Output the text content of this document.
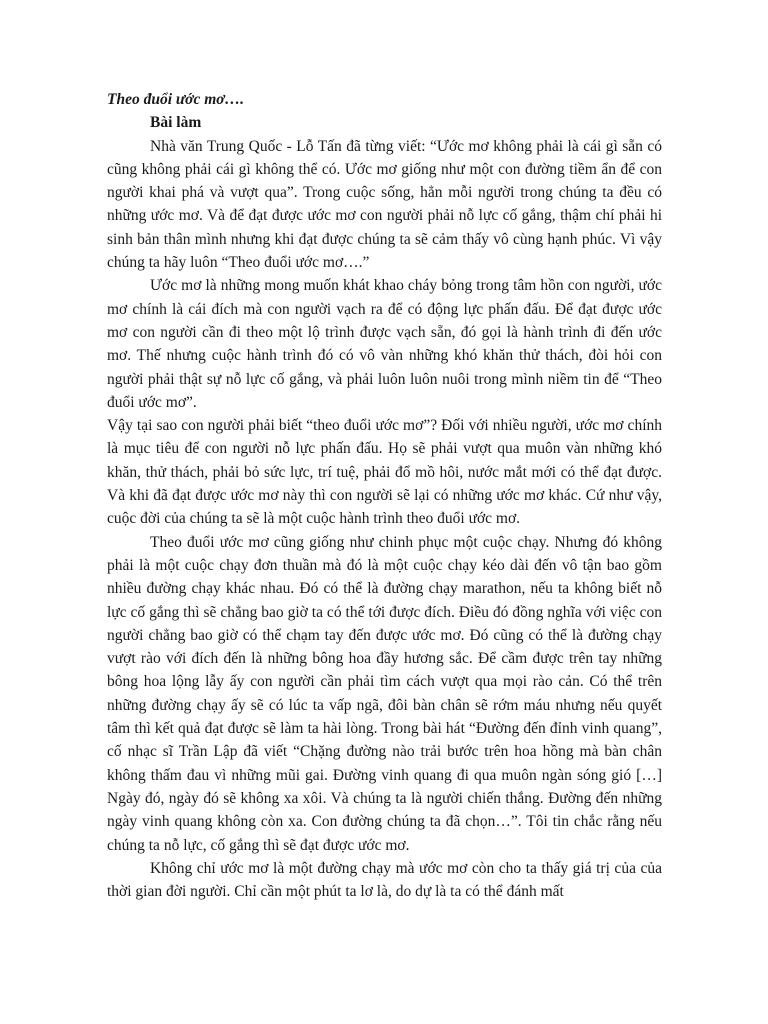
Theo đuổi ước mơ….

Bài làm

Nhà văn Trung Quốc - Lỗ Tấn đã từng viết: “Ước mơ không phải là cái gì sẵn có cũng không phải cái gì không thể có. Ước mơ giống như một con đường tiềm ẩn để con người khai phá và vượt qua”. Trong cuộc sống, hẳn mỗi người trong chúng ta đều có những ước mơ. Và để đạt được ước mơ con người phải nỗ lực cố gắng, thậm chí phải hi sinh bản thân mình nhưng khi đạt được chúng ta sẽ cảm thấy vô cùng hạnh phúc. Vì vậy chúng ta hãy luôn “Theo đuổi ước mơ….”

Ước mơ là những mong muốn khát khao cháy bỏng trong tâm hồn con người, ước mơ chính là cái đích mà con người vạch ra để có động lực phấn đấu. Để đạt được ước mơ con người cần đi theo một lộ trình được vạch sẵn, đó gọi là hành trình đi đến ước mơ. Thế nhưng cuộc hành trình đó có vô vàn những khó khăn thử thách, đòi hỏi con người phải thật sự nỗ lực cố gắng, và phải luôn luôn nuôi trong mình niềm tin để “Theo đuổi ước mơ”.

Vậy tại sao con người phải biết “theo đuổi ước mơ”? Đối với nhiều người, ước mơ chính là mục tiêu để con người nỗ lực phấn đấu. Họ sẽ phải vượt qua muôn vàn những khó khăn, thử thách, phải bỏ sức lực, trí tuệ, phải đổ mồ hôi, nước mắt mới có thể đạt được. Và khi đã đạt được ước mơ này thì con người sẽ lại có những ước mơ khác. Cứ như vậy, cuộc đời của chúng ta sẽ là một cuộc hành trình theo đuổi ước mơ.

Theo đuổi ước mơ cũng giống như chinh phục một cuộc chạy. Nhưng đó không phải là một cuộc chạy đơn thuần mà đó là một cuộc chạy kéo dài đến vô tận bao gồm nhiều đường chạy khác nhau. Đó có thể là đường chạy marathon, nếu ta không biết nỗ lực cố gắng thì sẽ chẳng bao giờ ta có thể tới được đích. Điều đó đồng nghĩa với việc con người chẳng bao giờ có thể chạm tay đến được ước mơ. Đó cũng có thể là đường chạy vượt rào với đích đến là những bông hoa đầy hương sắc. Để cầm được trên tay những bông hoa lộng lẫy ấy con người cần phải tìm cách vượt qua mọi rào cản. Có thể trên những đường chạy ấy sẽ có lúc ta vấp ngã, đôi bàn chân sẽ rớm máu nhưng nếu quyết tâm thì kết quả đạt được sẽ làm ta hài lòng. Trong bài hát “Đường đến đỉnh vinh quang”, cố nhạc sĩ Trần Lập đã viết “Chặng đường nào trải bước trên hoa hồng mà bàn chân không thấm đau vì những mũi gai. Đường vinh quang đi qua muôn ngàn sóng gió […] Ngày đó, ngày đó sẽ không xa xôi. Và chúng ta là người chiến thắng. Đường đến những ngày vinh quang không còn xa. Con đường chúng ta đã chọn…”. Tôi tin chắc rằng nếu chúng ta nỗ lực, cố gắng thì sẽ đạt được ước mơ.

Không chỉ ước mơ là một đường chạy mà ước mơ còn cho ta thấy giá trị của của thời gian đời người. Chỉ cần một phút ta lơ là, do dự là ta có thể đánh mất
